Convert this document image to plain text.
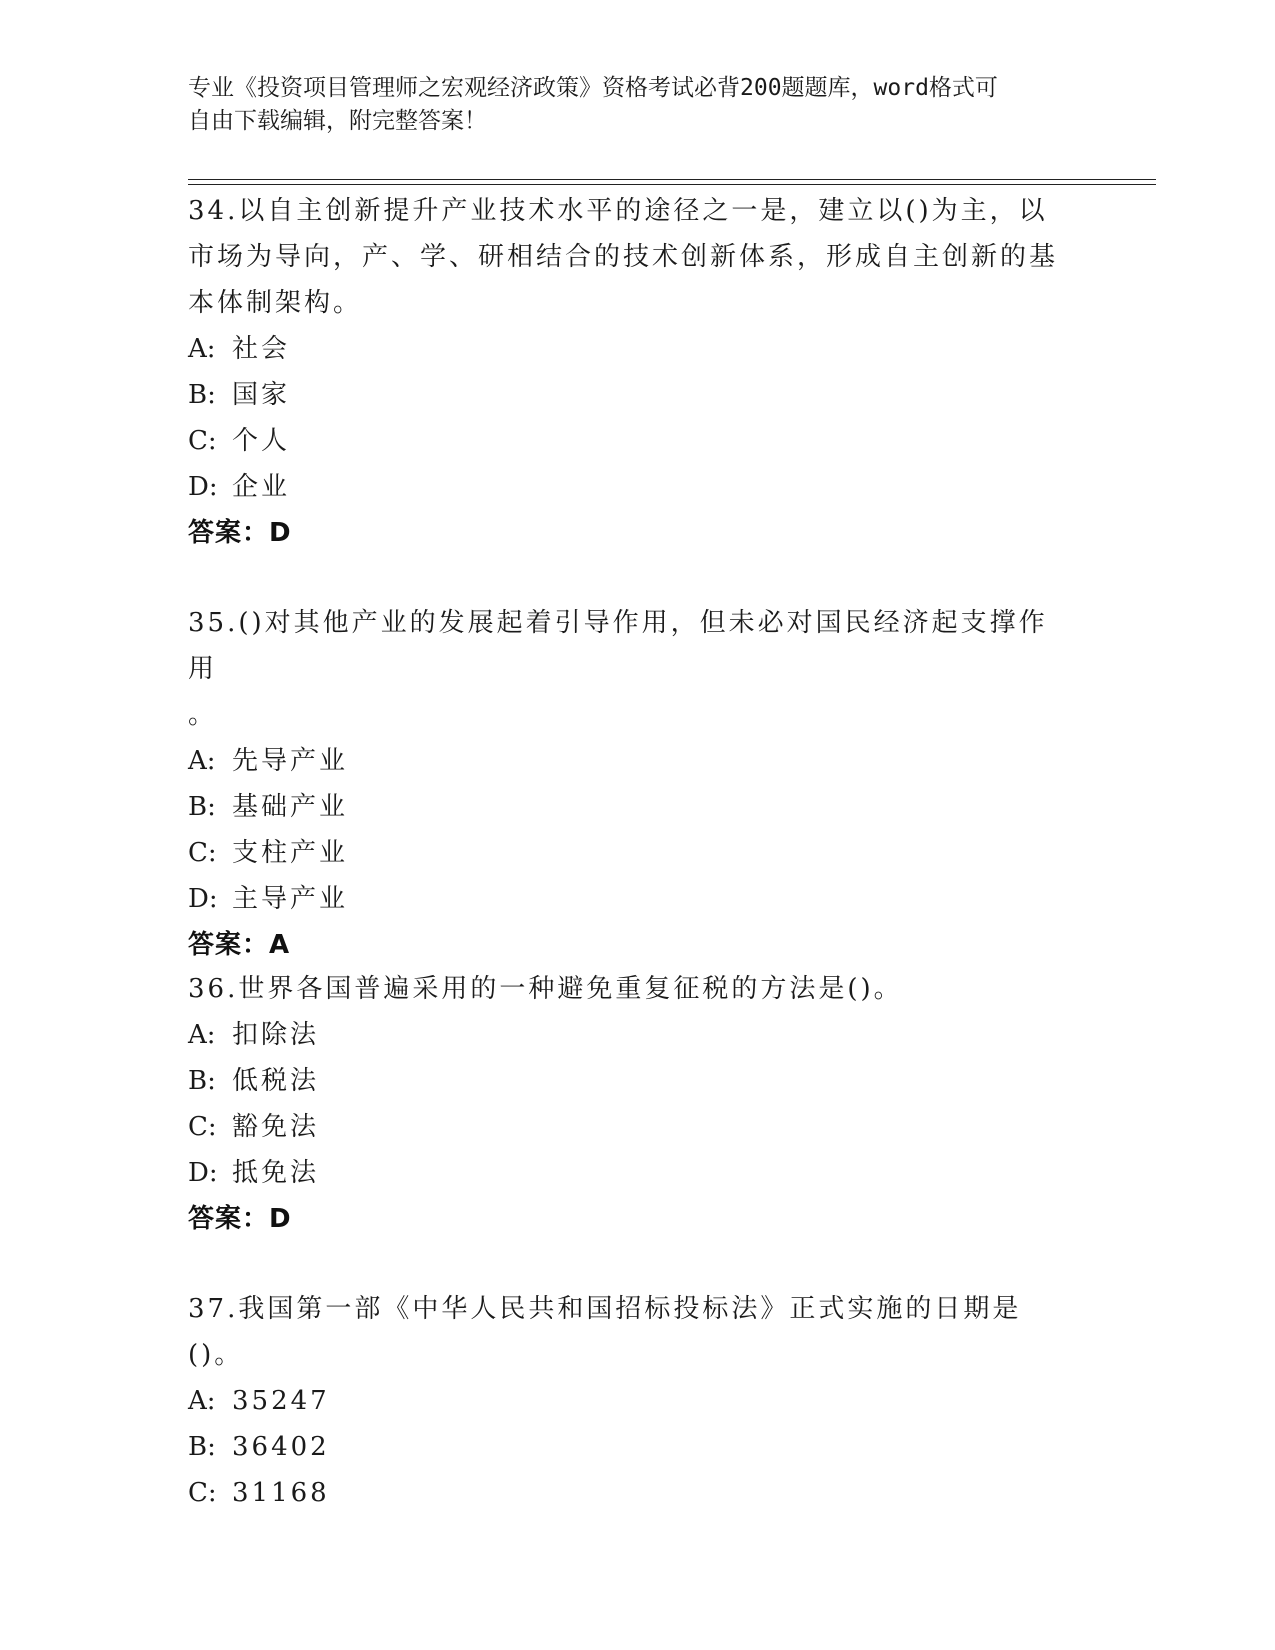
专业《投资项目管理师之宏观经济政策》资格考试必背200题题库，word格式可
自由下载编辑，附完整答案！
34.以自主创新提升产业技术水平的途径之一是，建立以()为主，以市场为导向，产、学、研相结合的技术创新体系，形成自主创新的基本体制架构。
A: 社会
B: 国家
C: 个人
D: 企业
答案：D
35.()对其他产业的发展起着引导作用，但未必对国民经济起支撑作用
。
A: 先导产业
B: 基础产业
C: 支柱产业
D: 主导产业
答案：A
36.世界各国普遍采用的一种避免重复征税的方法是()。
A: 扣除法
B: 低税法
C: 豁免法
D: 抵免法
答案：D
37.我国第一部《中华人民共和国招标投标法》正式实施的日期是()。
A: 35247
B: 36402
C: 31168
